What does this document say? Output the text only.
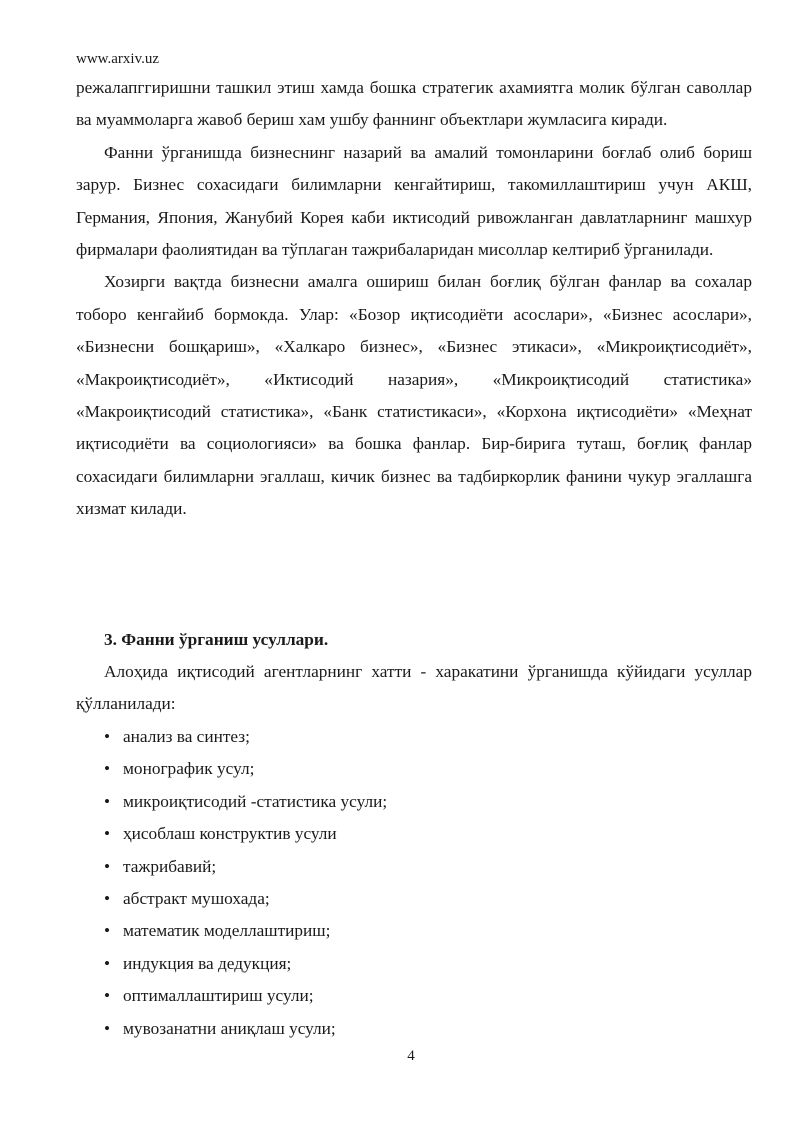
www.arxiv.uz

режалапггиришни ташкил этиш хамда бошка стратегик ахамиятга молик бўлган саволлар ва муаммоларга жавоб бериш хам ушбу фаннинг объектлари жумласига киради.

Фанни ўрганишда бизнеснинг назарий ва амалий томонларини боғлаб олиб бориш зарур. Бизнес сохасидаги билимларни кенгайтириш, такомиллаштириш учун АКШ, Германия, Япония, Жанубий Корея каби иктисодий ривожланган давлатларнинг машхур фирмалари фаолиятидан ва тўплаган тажрибаларидан мисоллар келтириб ўрганилади.

Хозирги вақтда бизнесни амалга ошириш билан боғлиқ бўлган фанлар ва сохалар тоборо кенгайиб бормокда. Улар: «Бозор иқтисодиёти асослари», «Бизнес асослари», «Бизнесни бошқариш», «Халкаро бизнес», «Бизнес этикаси», «Микроиқтисодиёт», «Макроиқтисодиёт», «Иктисодий назария», «Микроиқтисодий статистика» «Макроиқтисодий статистика», «Банк статистикаси», «Корхона иқтисодиёти» «Меҳнат иқтисодиёти ва социологияси» ва бошка фанлар. Бир-бирига туташ, боғлиқ фанлар сохасидаги билимларни эгаллаш, кичик бизнес ва тадбиркорлик фанини чукур эгаллашга хизмат килади.

3. Фанни ўрганиш усуллари.
Алоҳида иқтисодий агентларнинг хатти - харакатини ўрганишда кўйидаги усуллар қўлланилади:
• анализ ва синтез;
• монографик усул;
• микроиқтисодий -статистика усули;
• ҳисоблаш конструктив усули
• тажрибавий;
• абстракт мушохада;
• математик моделлаштириш;
• индукция ва дедукция;
• оптималлаштириш усули;
• мувозанатни аниқлаш усули;
4
